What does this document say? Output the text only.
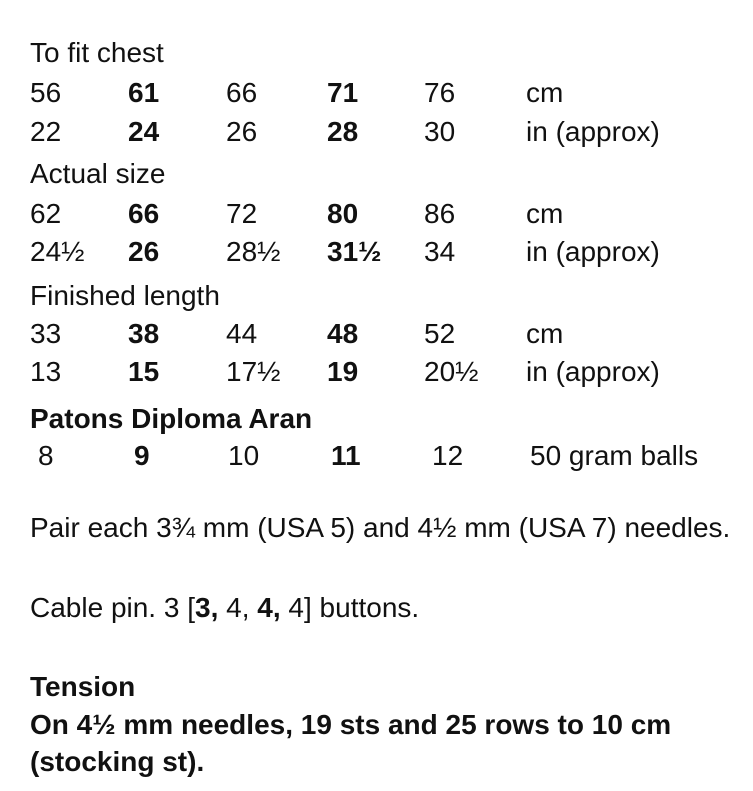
To fit chest
56 61 66 71 76	cm
22 24 26 28 30	in (approx)
Actual size
62 66 72 80 86	cm
24½ 26 28½ 31½ 34	in (approx)
Finished length
33 38 44 48 52	cm
13 15 17½ 19 20½ in (approx)
Patons Diploma Aran
8	9	10	11	12 50 gram balls
Pair each 3¾ mm (USA 5) and 4½ mm (USA 7) needles.
Cable pin. 3 [3, 4, 4, 4] buttons.
Tension
On 4½ mm needles, 19 sts and 25 rows to 10 cm (stocking st).
